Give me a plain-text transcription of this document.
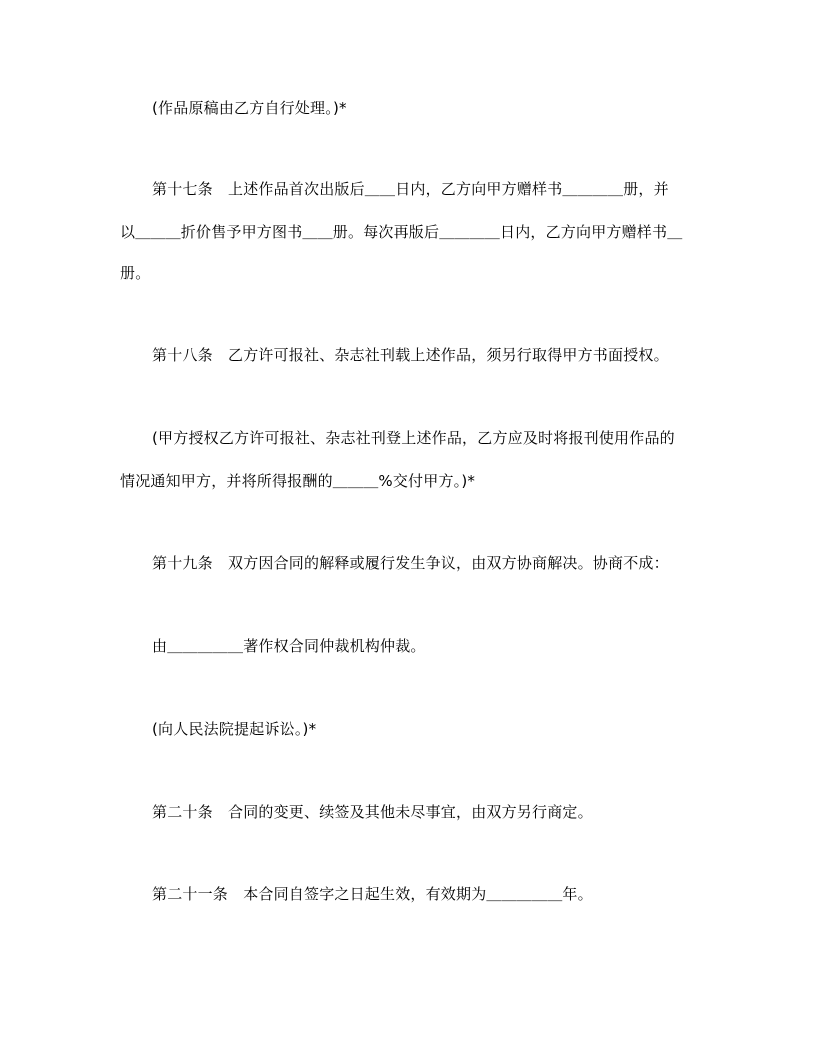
(作品原稿由乙方自行处理。)*
第十七条　上述作品首次出版后＿＿日内，乙方向甲方赠样书＿＿＿＿册，并
以＿＿＿折价售予甲方图书＿＿册。每次再版后＿＿＿＿日内，乙方向甲方赠样书＿
册。
第十八条　乙方许可报社、杂志社刊载上述作品，须另行取得甲方书面授权。
(甲方授权乙方许可报社、杂志社刊登上述作品，乙方应及时将报刊使用作品的
情况通知甲方，并将所得报酬的＿＿＿%交付甲方。)*
第十九条　双方因合同的解释或履行发生争议，由双方协商解决。协商不成：
由＿＿＿＿＿著作权合同仲裁机构仲裁。
(向人民法院提起诉讼。)*
第二十条　合同的变更、续签及其他未尽事宜，由双方另行商定。
第二十一条　本合同自签字之日起生效，有效期为＿＿＿＿＿年。
